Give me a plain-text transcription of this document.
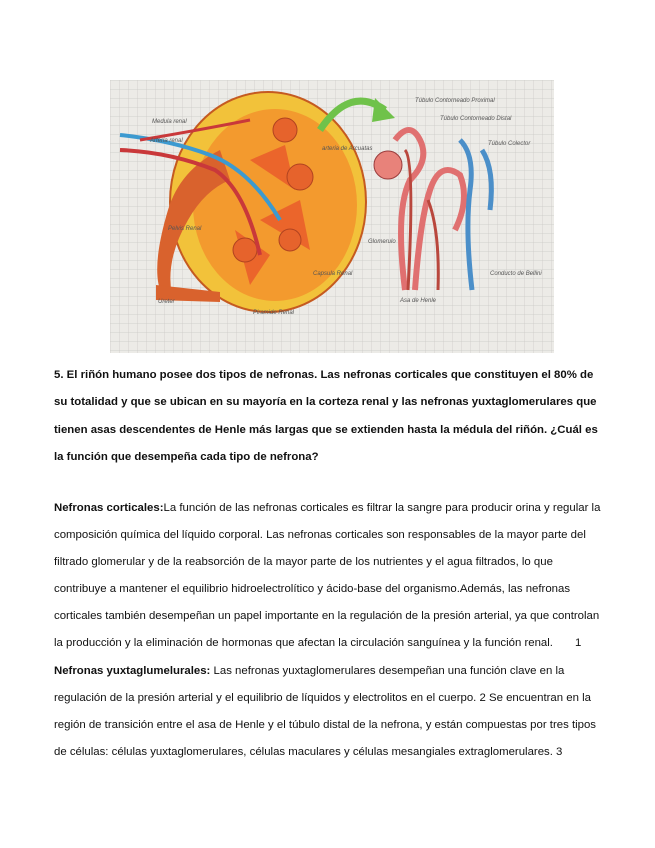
Medula renal
Arteria renal
Pelvis Renal
Ureter
Capsula Renal
Piramide Renal
arteria de Arcuatas
Túbulo Contorneado Proximal
Túbulo Contorneado Distal
Túbulo Colector
Glomerulo
Asa de Henle
Conducto de Bellini
5. El riñón humano posee dos tipos de nefronas. Las nefronas corticales que constituyen el 80% de su totalidad y que se ubican en su mayoría en la corteza renal y las nefronas yuxtaglomerulares que tienen asas descendentes de Henle más largas que se extienden hasta la médula del riñón. ¿Cuál es la función que desempeña cada tipo de nefrona?

Nefronas corticales:La función de las nefronas corticales es filtrar la sangre para producir orina y regular la composición química del líquido corporal. Las nefronas corticales son responsables de la mayor parte del filtrado glomerular y de la reabsorción de la mayor parte de los nutrientes y el agua filtrados, lo que contribuye a mantener el equilibrio hidroelectrolítico y ácido-base del organismo.Además, las nefronas corticales también desempeñan un papel importante en la regulación de la presión arterial, ya que controlan la producción y la eliminación de hormonas que afectan la circulación sanguínea y la función renal. 1

Nefronas yuxtaglumelurales: Las nefronas yuxtaglomerulares desempeñan una función clave en la regulación de la presión arterial y el equilibrio de líquidos y electrolitos en el cuerpo. 2 Se encuentran en la región de transición entre el asa de Henle y el túbulo distal de la nefrona, y están compuestas por tres tipos de células: células yuxtaglomerulares, células maculares y células mesangiales extraglomerulares. 3
